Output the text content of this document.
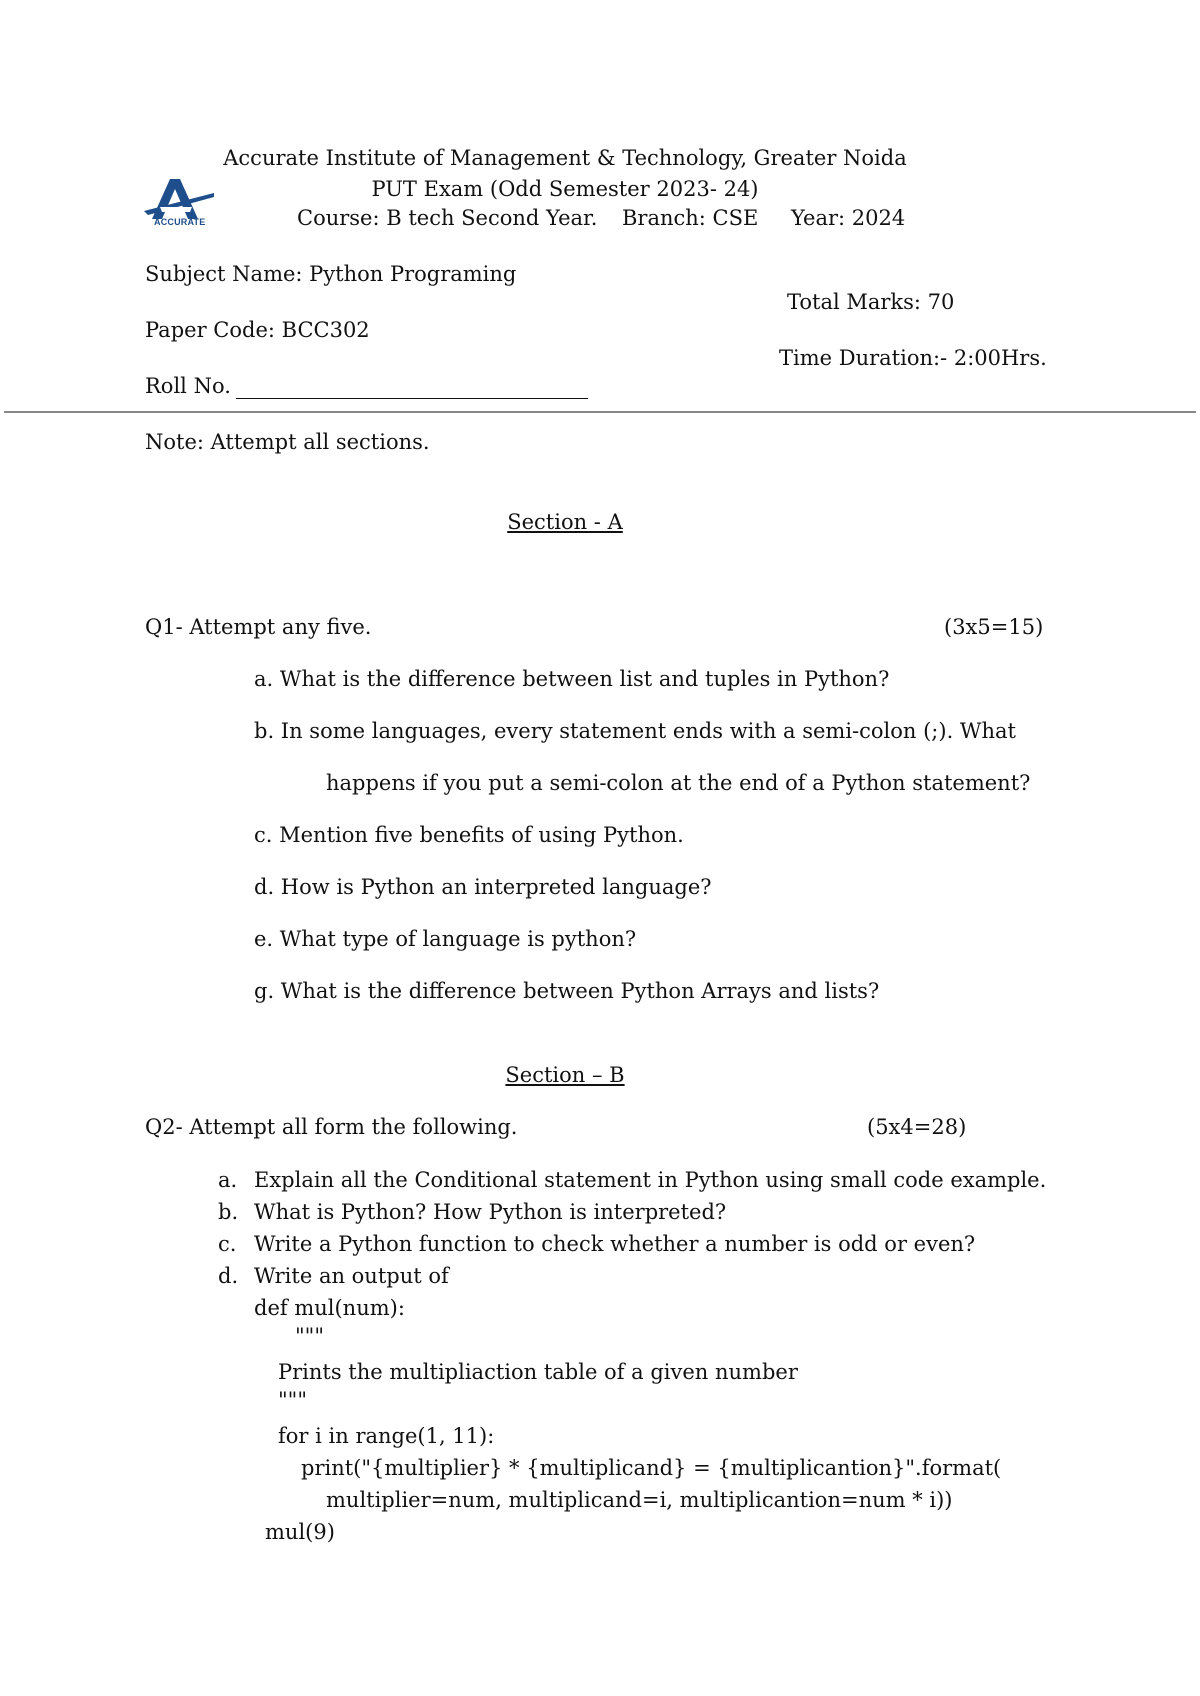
ACCURATE
Accurate Institute of Management & Technology, Greater Noida
PUT Exam (Odd Semester 2023- 24)
Course: B tech Second Year. Branch: CSE Year: 2024
Subject Name: Python Programing
Total Marks: 70
Paper Code: BCC302
Time Duration:- 2:00Hrs.
Roll No.
Note: Attempt all sections.
Section - A
Q1- Attempt any five.	(3x5=15)
a. What is the difference between list and tuples in Python?
b. In some languages, every statement ends with a semi-colon (;). What
happens if you put a semi-colon at the end of a Python statement?
c. Mention five benefits of using Python.
d. How is Python an interpreted language?
e. What type of language is python?
g. What is the difference between Python Arrays and lists?
Section – B
Q2- Attempt all form the following.	(5x4=28)
a. Explain all the Conditional statement in Python using small code example.
b. What is Python? How Python is interpreted?
c. Write a Python function to check whether a number is odd or even?
d. Write an output of
def mul(num):
"""
Prints the multipliaction table of a given number
"""
for i in range(1, 11):
print("{multiplier} * {multiplicand} = {multiplicantion}".format(
multiplier=num, multiplicand=i, multiplicantion=num * i))
mul(9)
